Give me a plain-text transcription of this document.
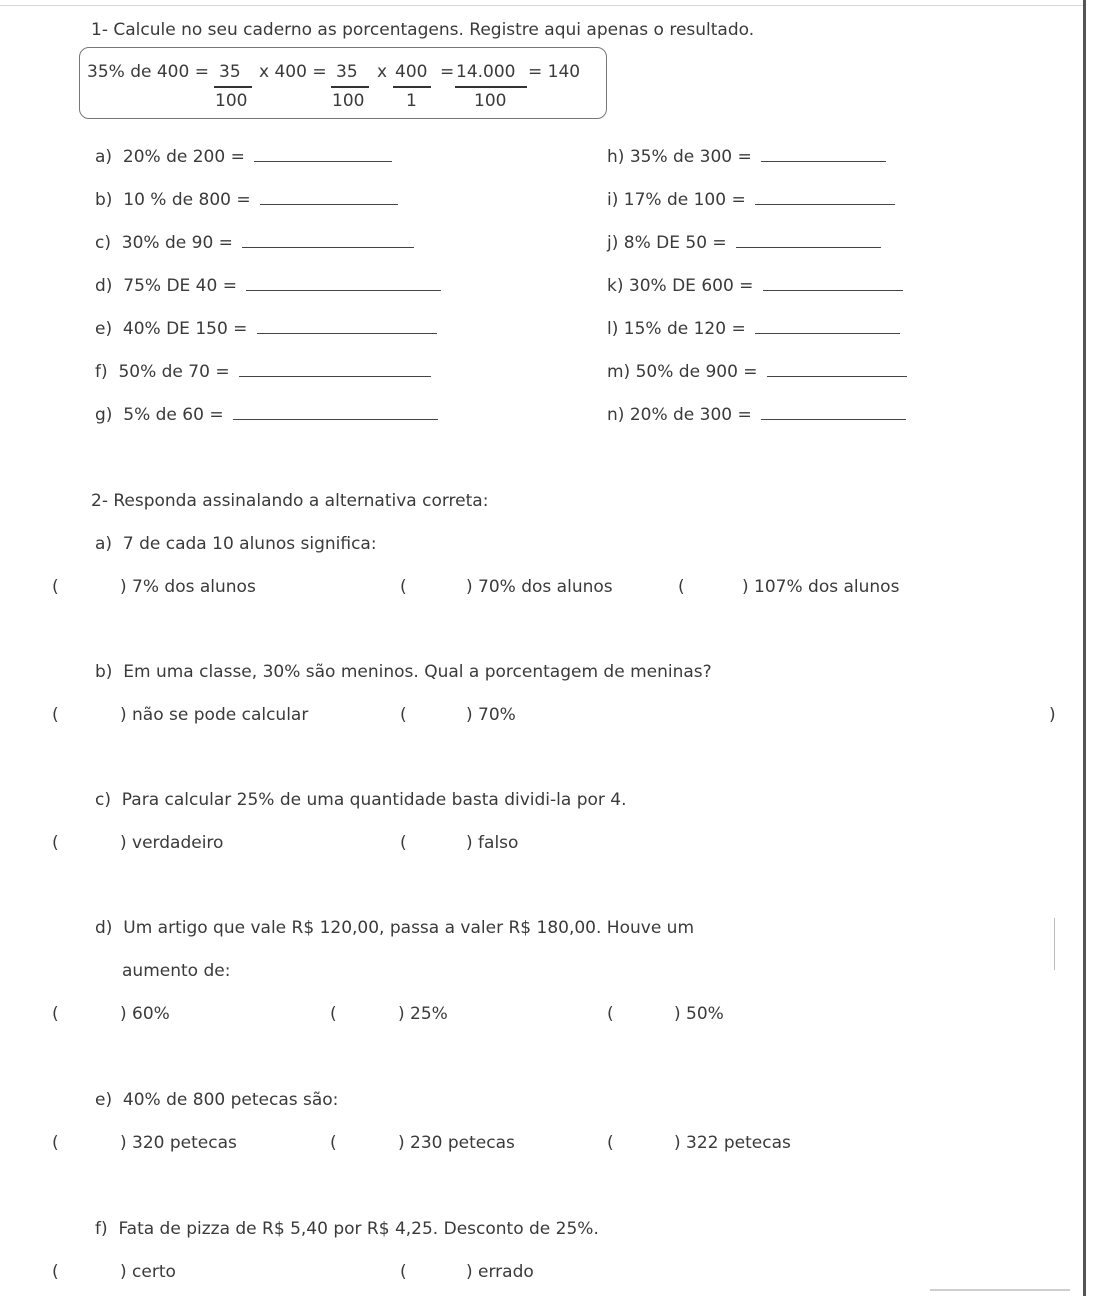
1- Calcule no seu caderno as porcentagens. Registre aqui apenas o resultado.
35% de 400 = 35
100
x 400 = 35
100
x 400
1
= 14.000
100
= 140
a) 20% de 200 =
b) 10 % de 800 =
c) 30% de 90 =
d) 75% DE 40 =
e) 40% DE 150 =
f) 50% de 70 =
g) 5% de 60 =
h) 35% de 300 =
i) 17% de 100 =
j) 8% DE 50 =
k) 30% DE 600 =
l) 15% de 120 =
m) 50% de 900 =
n) 20% de 300 =
2- Responda assinalando a alternativa correta:
a) 7 de cada 10 alunos significa:
(	) 7% dos alunos	(	) 70% dos alunos	(	) 107% dos alunos
b) Em uma classe, 30% são meninos. Qual a porcentagem de meninas?
(	) não se pode calcular	(	) 70%	)
c) Para calcular 25% de uma quantidade basta dividi-la por 4.
(	) verdadeiro	(	) falso
d) Um artigo que vale R$ 120,00, passa a valer R$ 180,00. Houve um
aumento de:
(	) 60%	(	) 25%	(	) 50%
e) 40% de 800 petecas são:
(	) 320 petecas	(	) 230 petecas	(	) 322 petecas
f) Fata de pizza de R$ 5,40 por R$ 4,25. Desconto de 25%.
(	) certo	(	) errado
